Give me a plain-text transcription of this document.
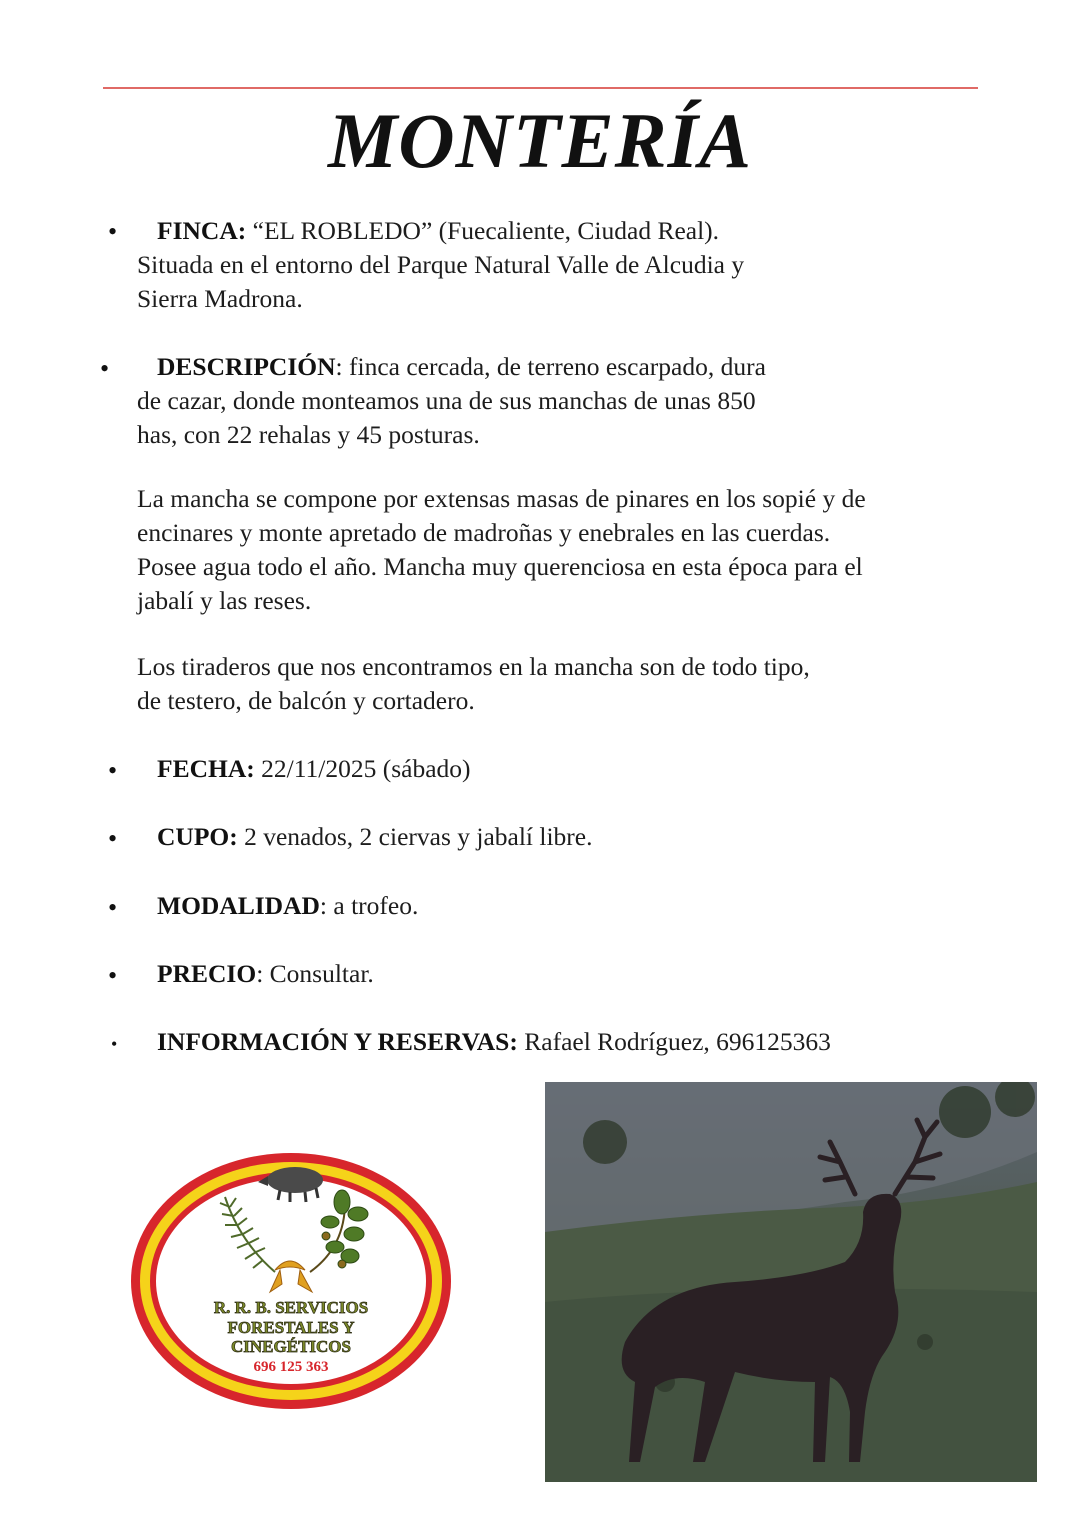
MONTERÍA
• FINCA: “EL ROBLEDO” (Fuecaliente, Ciudad Real).
Situada en el entorno del Parque Natural Valle de Alcudia y
Sierra Madrona.
• DESCRIPCIÓN: finca cercada, de terreno escarpado, dura
de cazar, donde monteamos una de sus manchas de unas 850
has, con 22 rehalas y 45 posturas.
La mancha se compone por extensas masas de pinares en los sopié y de
encinares y monte apretado de madroñas y enebrales en las cuerdas.
Posee agua todo el año. Mancha muy querenciosa en esta época para el
jabalí y las reses.
Los tiraderos que nos encontramos en la mancha son de todo tipo,
de testero, de balcón y cortadero.
• FECHA: 22/11/2025 (sábado)
• CUPO: 2 venados, 2 ciervas y jabalí libre.
• MODALIDAD: a trofeo.
• PRECIO: Consultar.
• INFORMACIÓN Y RESERVAS: Rafael Rodríguez, 696125363
R. R. B. SERVICIOS
FORESTALES Y
CINEGÉTICOS
696 125 363
